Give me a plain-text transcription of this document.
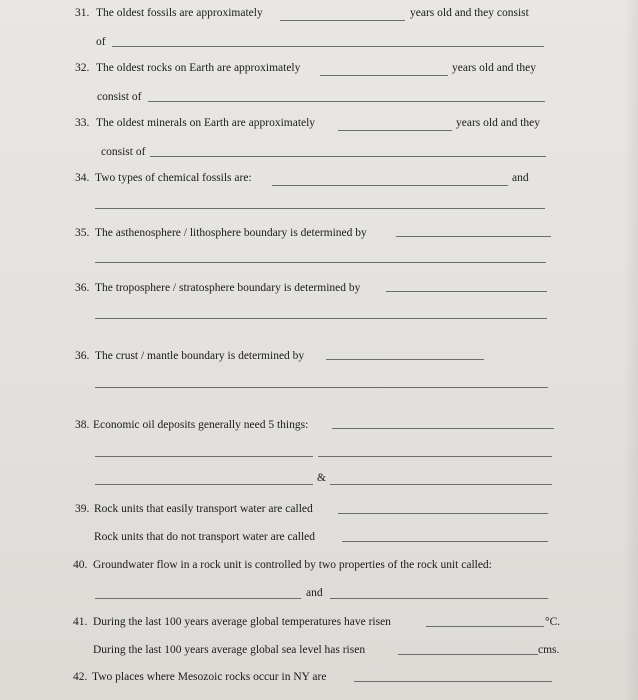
31. The oldest fossils are approximately	years old and they consist
of
32. The oldest rocks on Earth are approximately	years old and they
consist of
33. The oldest minerals on Earth are approximately	years old and they
consist of
34. Two types of chemical fossils are:	and
35. The asthenosphere / lithosphere boundary is determined by
36. The troposphere / stratosphere boundary is determined by
36. The crust / mantle boundary is determined by
38. Economic oil deposits generally need 5 things:
&
39. Rock units that easily transport water are called
Rock units that do not transport water are called
40. Groundwater flow in a rock unit is controlled by two properties of the rock unit called:
and
41. During the last 100 years average global temperatures have risen	°C.
During the last 100 years average global sea level has risen	cms.
42. Two places where Mesozoic rocks occur in NY are
